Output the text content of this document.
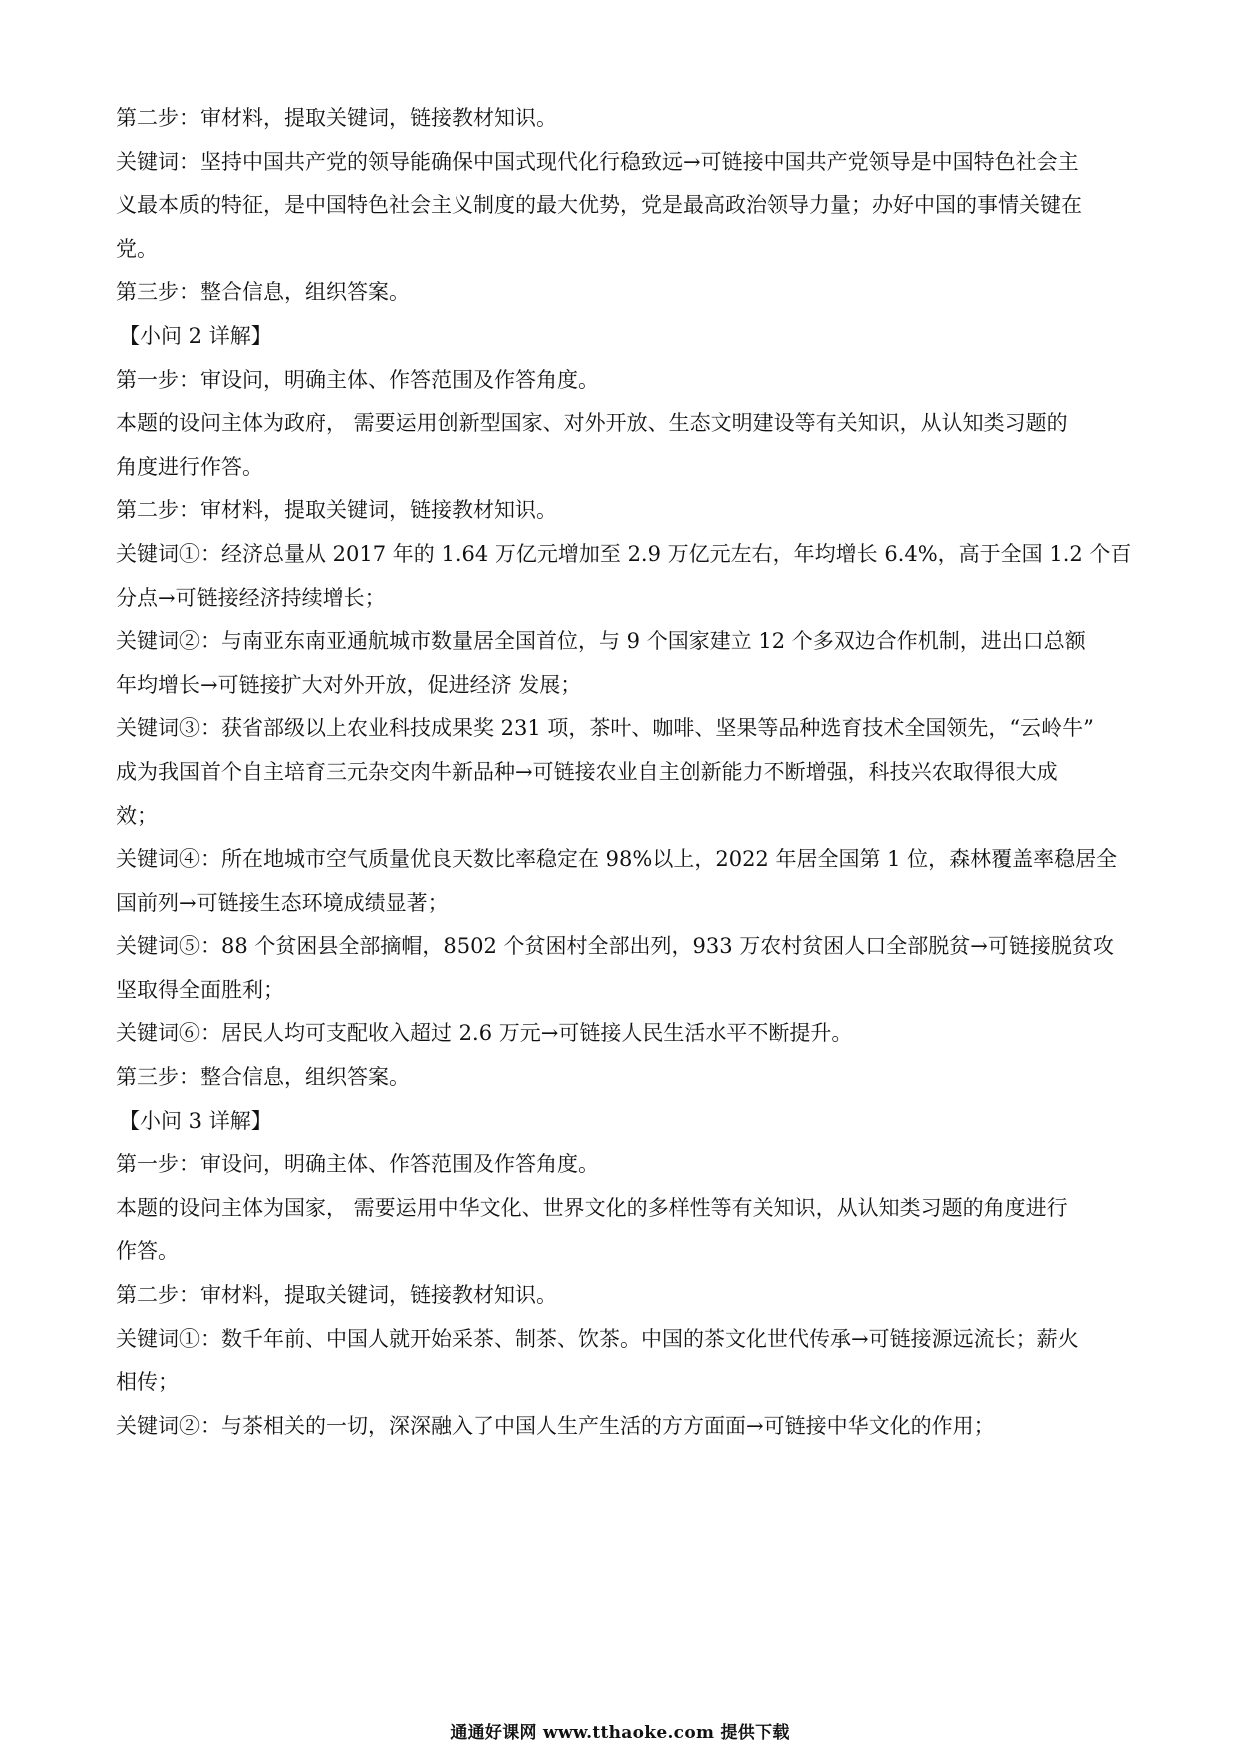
第二步：审材料，提取关键词，链接教材知识。
关键词：坚持中国共产党的领导能确保中国式现代化行稳致远→可链接中国共产党领导是中国特色社会主
义最本质的特征，是中国特色社会主义制度的最大优势，党是最高政治领导力量；办好中国的事情关键在
党。
第三步：整合信息，组织答案。
【小问 2 详解】
第一步：审设问，明确主体、作答范围及作答角度。
本题的设问主体为政府， 需要运用创新型国家、对外开放、生态文明建设等有关知识，从认知类习题的
角度进行作答。
第二步：审材料，提取关键词，链接教材知识。
关键词①：经济总量从 2017 年的 1.64 万亿元增加至 2.9 万亿元左右，年均增长 6.4%，高于全国 1.2 个百
分点→可链接经济持续增长；
关键词②：与南亚东南亚通航城市数量居全国首位，与 9 个国家建立 12 个多双边合作机制，进出口总额
年均增长→可链接扩大对外开放，促进经济 发展；
关键词③：获省部级以上农业科技成果奖 231 项，茶叶、咖啡、坚果等品种选育技术全国领先，“云岭牛”
成为我国首个自主培育三元杂交肉牛新品种→可链接农业自主创新能力不断增强，科技兴农取得很大成
效；
关键词④：所在地城市空气质量优良天数比率稳定在 98%以上，2022 年居全国第 1 位，森林覆盖率稳居全
国前列→可链接生态环境成绩显著；
关键词⑤：88 个贫困县全部摘帽，8502 个贫困村全部出列，933 万农村贫困人口全部脱贫→可链接脱贫攻
坚取得全面胜利；
关键词⑥：居民人均可支配收入超过 2.6 万元→可链接人民生活水平不断提升。
第三步：整合信息，组织答案。
【小问 3 详解】
第一步：审设问，明确主体、作答范围及作答角度。
本题的设问主体为国家， 需要运用中华文化、世界文化的多样性等有关知识，从认知类习题的角度进行
作答。
第二步：审材料，提取关键词，链接教材知识。
关键词①：数千年前、中国人就开始采茶、制茶、饮茶。中国的茶文化世代传承→可链接源远流长；薪火
相传；
关键词②：与茶相关的一切，深深融入了中国人生产生活的方方面面→可链接中华文化的作用；
通通好课网 www.tthaoke.com 提供下载
